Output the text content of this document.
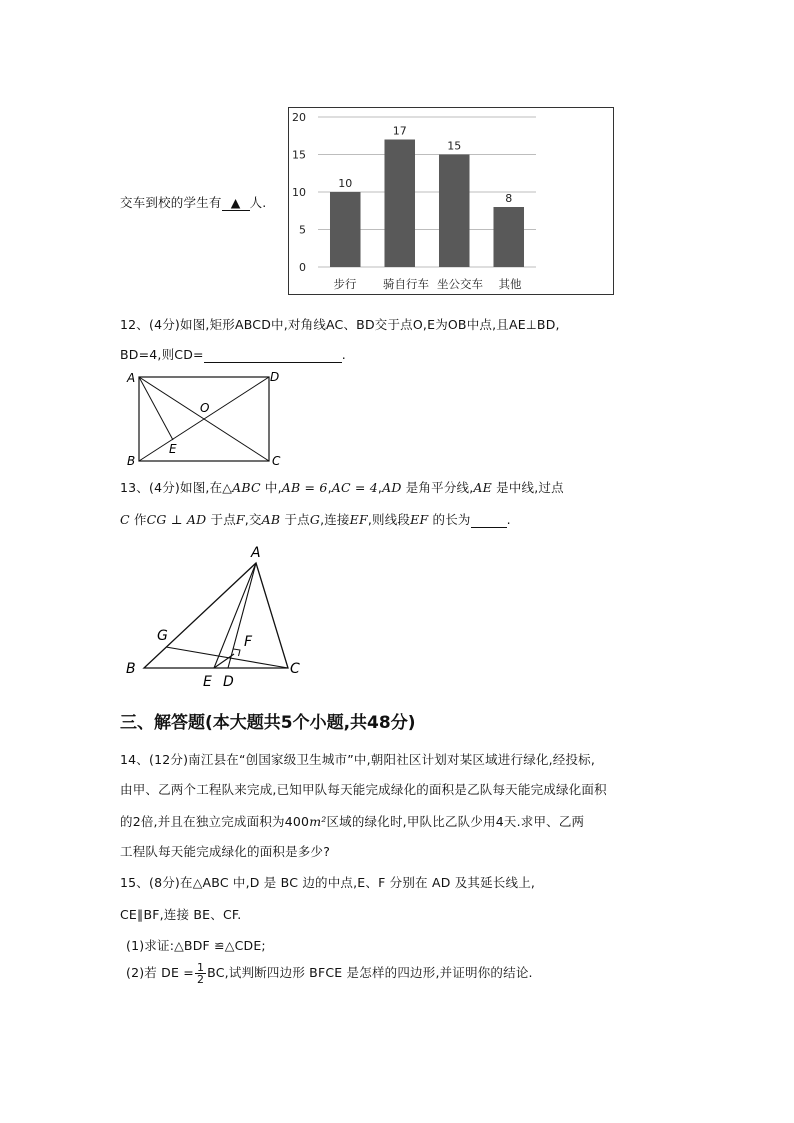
交车到校的学生有 ▲ 人.
0
5
10
15
20
10
17
15
8
步行 骑自行车 坐公交车 其他
12、(4分)如图,矩形ABCD中,对角线AC、BD交于点O,E为OB中点,且AE⊥BD,
BD=4,则CD=	.
A	D
B	C
O
E
13、(4分)如图,在△ABC 中,AB = 6,AC = 4,AD 是角平分线,AE 是中线,过点
C 作CG ⊥ AD 于点F,交AB 于点G,连接EF,则线段EF 的长为	.
A
B	C
G	F
E D
三、解答题(本大题共5个小题,共48分)
14、(12分)南江县在“创国家级卫生城市”中,朝阳社区计划对某区域进行绿化,经投标,
由甲、乙两个工程队来完成,已知甲队每天能完成绿化的面积是乙队每天能完成绿化面积
的2倍,并且在独立完成面积为400m²区域的绿化时,甲队比乙队少用4天.求甲、乙两
工程队每天能完成绿化的面积是多少?
15、(8分)在△ABC 中,D 是 BC 边的中点,E、F 分别在 AD 及其延长线上,
CE∥BF,连接 BE、CF.
(1)求证:△BDF ≌△CDE;
(2)若 DE = $\frac{1}{2}$ BC,试判断四边形 BFCE 是怎样的四边形,并证明你的结论.
